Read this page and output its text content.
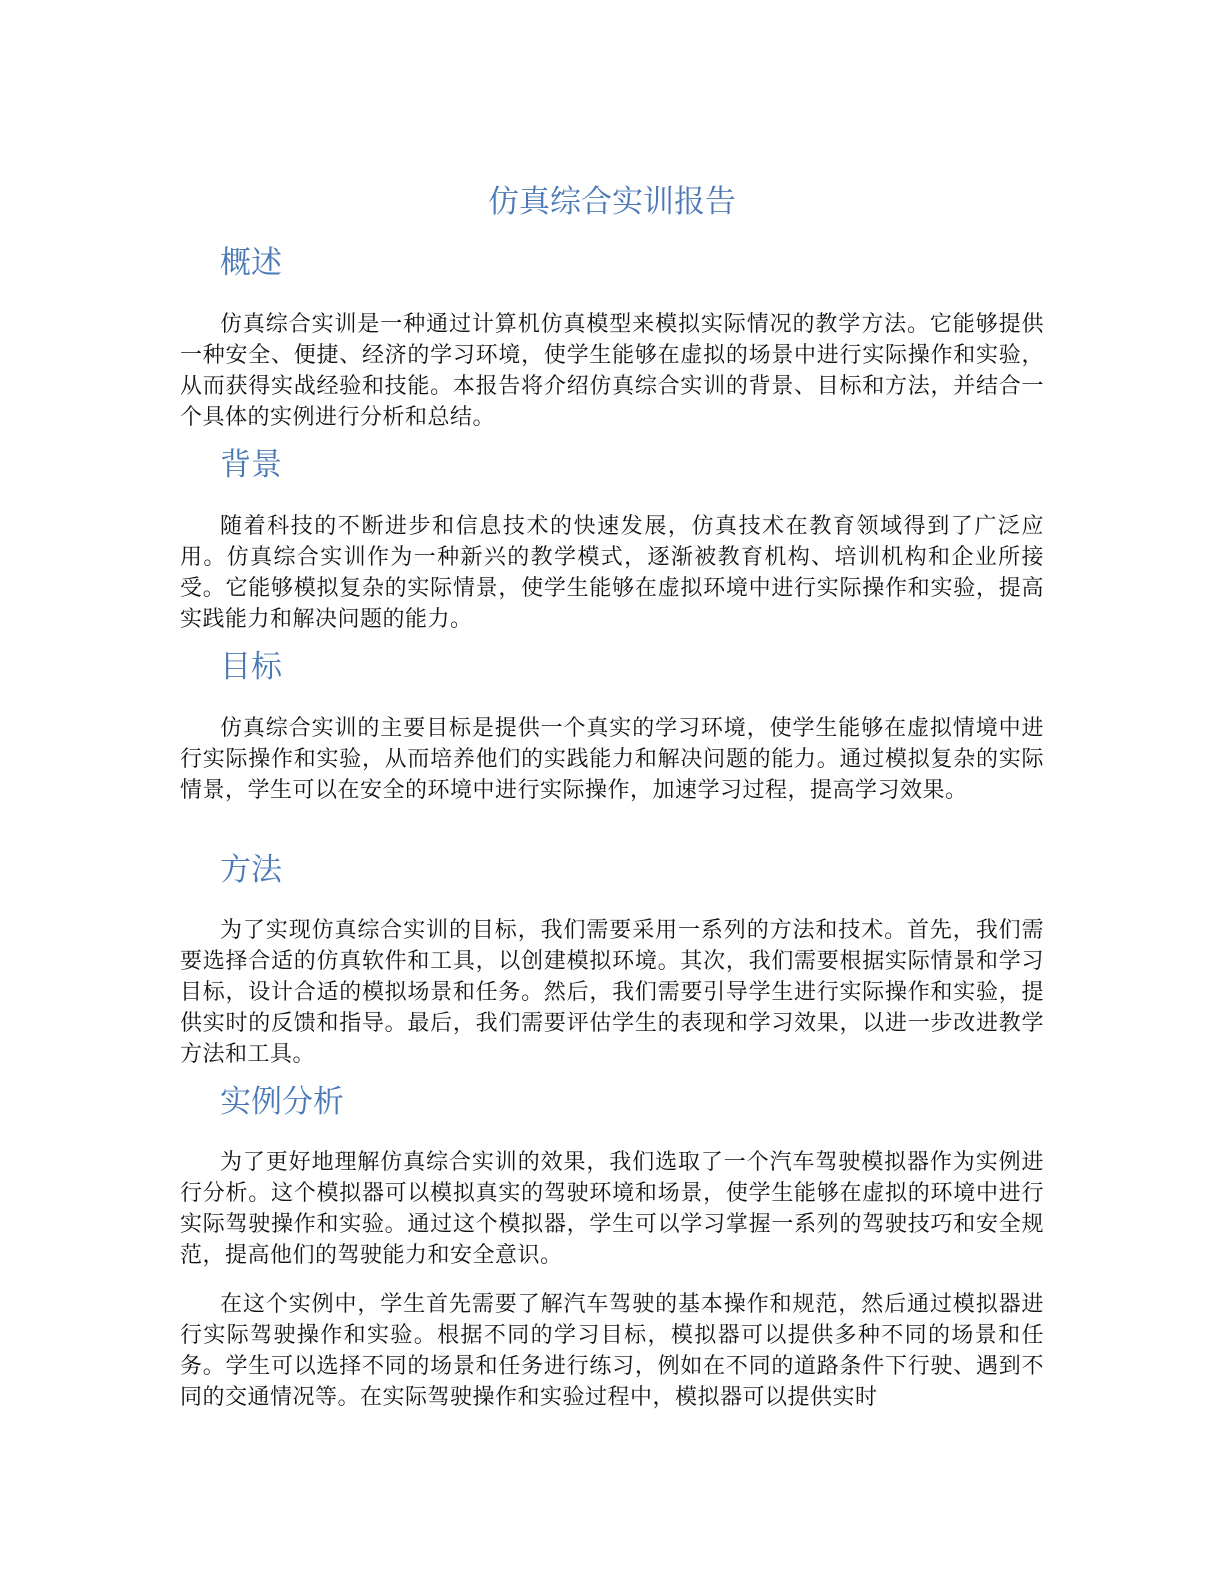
仿真综合实训报告
概述

仿真综合实训是一种通过计算机仿真模型来模拟实际情况的教学方法。它能够提供一种安全、便捷、经济的学习环境，使学生能够在虚拟的场景中进行实际操作和实验，从而获得实战经验和技能。本报告将介绍仿真综合实训的背景、目标和方法，并结合一个具体的实例进行分析和总结。

背景

随着科技的不断进步和信息技术的快速发展，仿真技术在教育领域得到了广泛应用。仿真综合实训作为一种新兴的教学模式，逐渐被教育机构、培训机构和企业所接受。它能够模拟复杂的实际情景，使学生能够在虚拟环境中进行实际操作和实验，提高实践能力和解决问题的能力。

目标

仿真综合实训的主要目标是提供一个真实的学习环境，使学生能够在虚拟情境中进行实际操作和实验，从而培养他们的实践能力和解决问题的能力。通过模拟复杂的实际情景，学生可以在安全的环境中进行实际操作，加速学习过程，提高学习效果。

方法

为了实现仿真综合实训的目标，我们需要采用一系列的方法和技术。首先，我们需要选择合适的仿真软件和工具，以创建模拟环境。其次，我们需要根据实际情景和学习目标，设计合适的模拟场景和任务。然后，我们需要引导学生进行实际操作和实验，提供实时的反馈和指导。最后，我们需要评估学生的表现和学习效果，以进一步改进教学方法和工具。

实例分析

为了更好地理解仿真综合实训的效果，我们选取了一个汽车驾驶模拟器作为实例进行分析。这个模拟器可以模拟真实的驾驶环境和场景，使学生能够在虚拟的环境中进行实际驾驶操作和实验。通过这个模拟器，学生可以学习掌握一系列的驾驶技巧和安全规范，提高他们的驾驶能力和安全意识。

在这个实例中，学生首先需要了解汽车驾驶的基本操作和规范，然后通过模拟器进行实际驾驶操作和实验。根据不同的学习目标，模拟器可以提供多种不同的场景和任务。学生可以选择不同的场景和任务进行练习，例如在不同的道路条件下行驶、遇到不同的交通情况等。在实际驾驶操作和实验过程中，模拟器可以提供实时
